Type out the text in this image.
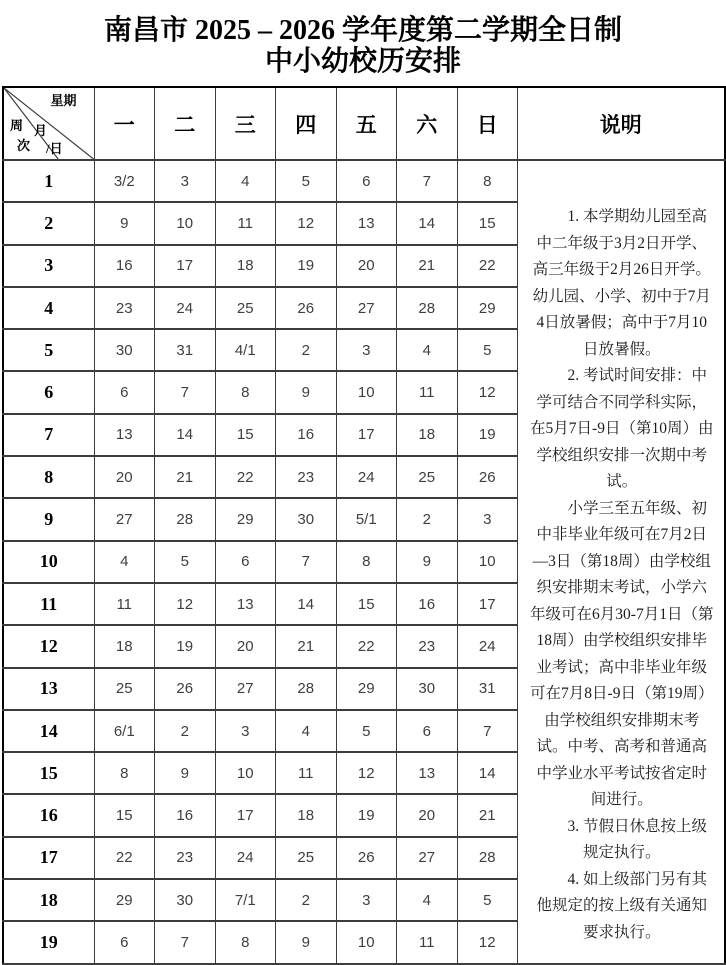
南昌市 2025 – 2026 学年度第二学期全日制
中小幼校历安排
星期
月
/日
周
次	一	二	三	四	五	六	日	说明
1	3/2	3	4	5	6	7	8	1. 本学期幼儿园至高中二年级于3月2日开学、高三年级于2月26日开学。幼儿园、小学、初中于7月4日放暑假；高中于7月10日放暑假。

2. 考试时间安排：中学可结合不同学科实际，在5月7日-9日（第10周）由学校组织安排一次期中考试。

小学三至五年级、初中非毕业年级可在7月2日—3日（第18周）由学校组织安排期末考试，小学六年级可在6月30-7月1日（第18周）由学校组织安排毕业考试；高中非毕业年级可在7月8日-9日（第19周）由学校组织安排期末考试。中考、高考和普通高中学业水平考试按省定时间进行。

3. 节假日休息按上级规定执行。

4. 如上级部门另有其他规定的按上级有关通知要求执行。

2	9	10	11	12	13	14	15	
3	16	17	18	19	20	21	22	
4	23	24	25	26	27	28	29	
5	30	31	4/1	2	3	4	5	
6	6	7	8	9	10	11	12	
7	13	14	15	16	17	18	19	
8	20	21	22	23	24	25	26	
9	27	28	29	30	5/1	2	3	
10	4	5	6	7	8	9	10	
11	11	12	13	14	15	16	17	
12	18	19	20	21	22	23	24	
13	25	26	27	28	29	30	31	
14	6/1	2	3	4	5	6	7	
15	8	9	10	11	12	13	14	
16	15	16	17	18	19	20	21	
17	22	23	24	25	26	27	28	
18	29	30	7/1	2	3	4	5	
19	6	7	8	9	10	11	12	
